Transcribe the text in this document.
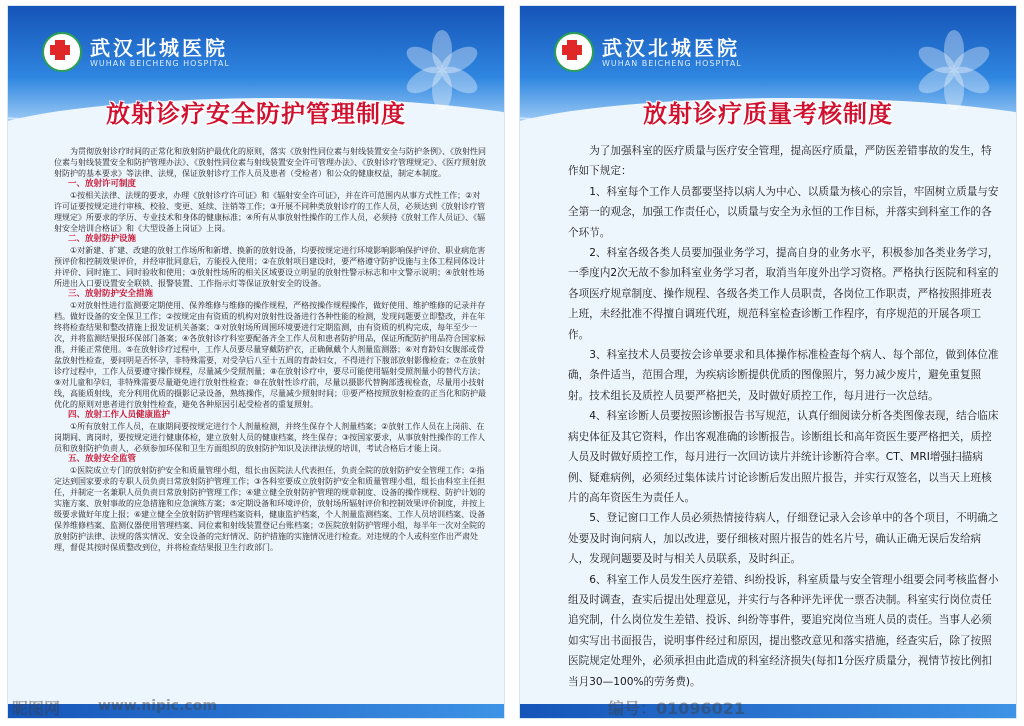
武汉北城医院
WUHAN BEICHENG HOSPITAL
放射诊疗安全防护管理制度

为贯彻放射诊疗时间的正常化和放射防护最优化的原则，落实《放射性同位素与射线装置安全与防护条例》、《放射性同位素与射线装置安全和防护管理办法》、《放射性同位素与射线装置安全许可管理办法》、《放射诊疗管理规定》、《医疗照射放射防护的基本要求》等法律、法规，保证放射诊疗工作人员及患者（受检者）和公众的健康权益，制定本制度。

一、放射许可制度

①按相关法律、法规的要求，办理《放射诊疗许可证》和《辐射安全许可证》，并在许可范围内从事方式性工作；②对许可证要按规定进行审核、校验、变更、延续、注销等工作；③开展不同种类放射诊疗的工作人员，必须达到《放射诊疗管理规定》所要求的学历、专业技术和身体的健康标准；④所有从事放射性操作的工作人员，必须持《放射工作人员证》、《辐射安全培训合格证》和《大型设备上岗证》上岗。

二、放射防护设施

①对新建、扩建、改建的放射工作场所和新增、换新的放射设备，均要按规定进行环境影响影响保护评价、职业病危害预评价和控制效果评价，并经审批同意后，方能投入使用；②在放射项目建设时，要严格遵守防护设施与主体工程同体设计并评价、同时施工、同时验收和使用；③放射性场所的相关区域要设立明显的放射性警示标志和中文警示说明；④放射性场所进出入口要设置安全联锁、报警装置、工作指示灯等保证放射安全的设备。

三、放射防护安全措施

①对放射性进行监测要定期使用、保养维修与维修的操作规程，严格按操作规程操作，做好使用、维护维修的记录并存档。做好设备的安全保卫工作；②按规定由有资质的机构对放射性设备进行各种性能的检测，发现问题要立即整改，并在年终将检查结果和整改措施上报发证机关备案；③对放射场所周围环境要进行定期监测，由有资质的机构完成，每年至少一次，并将监测结果报环保部门备案；④各放射诊疗科室要配备齐全工作人员和患者防护用品，保证所配防护用品符合国家标准，并能正常使用。⑤在放射诊疗过程中，工作人员要尽量穿戴防护衣，正确佩戴个人剂量监测器；⑥对育龄妇女腹部或骨盆放射性检查，要问明是否怀孕，非特殊需要，对受孕后八至十五周的育龄妇女，不得进行下腹部放射影像检查；⑦在放射诊疗过程中，工作人员要遵守操作规程，尽量减少受照剂量；⑧在放射诊疗中，要尽可能使用辐射受照剂量小的替代方法；⑨对儿童和孕妇，非特殊需要尽量避免进行放射性检查；⑩在放射性诊疗前，尽量以摄影代替胸部透视检查，尽量用小技射线，高能质射线，充分利用优质的摄影记录设备，熟练操作，尽量减少照射时间；⑪要严格按照放射检查的正当化和防护最优化的原则对患者进行放射性检查，避免各种原因引起受检者的重复照射。

四、放射工作人员健康监护

①所有放射工作人员，在康期间要按规定进行个人剂量检测，并终生保存个人剂量档案；②放射工作人员在上岗前、在岗期间、离岗时，要按规定进行健康体检，建立放射人员的健康档案，终生保存；③按国家要求，从事放射性操作的工作人员和放射防护负责人，必须参加环保和卫生方面组织的放射防护知识及法律法规的培训，考试合格后才能上岗。

五、放射安全监管

①医院成立专门的放射防护安全和质量管理小组，组长由医院法人代表担任，负责全院的放射防护安全管理工作；②指定达到国家要求的专职人员负责日常放射防护管理工作；③各科室要成立放射防护安全和质量管理小组，组长由科室主任担任，并制定一名兼职人员负责日常放射防护管理工作；④建立健全放射防护管理的规章制度、设备的操作规程、防护计划的实施方案、放射事故的应急措施和应急演练方案；⑤定期设备和环境评价，放射场所辐射评价和控制效果评价制度，并按上级要求做好年度上报；⑥建立健全全放射防护管理档案资料，健康监护档案，个人剂量监测档案、工作人员培训档案、设备保养维修档案、监测仪器使用管理档案、同位素和射线装置登记台账档案；⑦医院放射防护管理小组，每半年一次对全院的放射防护法律、法规的落实情况、安全设备的完好情况、防护措施的实施情况进行检查。对违规的个人或科室作出严肃处理，督促其按时保质整改到位，并将检查结果报卫生行政部门。

武汉北城医院
WUHAN BEICHENG HOSPITAL
放射诊疗质量考核制度

为了加强科室的医疗质量与医疗安全管理，提高医疗质量，严防医差错事故的发生，特作如下规定：

1、科室每个工作人员都要坚持以病人为中心、以质量为核心的宗旨，牢固树立质量与安全第一的观念，加强工作责任心，以质量与安全为永恒的工作目标，并落实到科室工作的各个环节。

2、科室各级各类人员要加强业务学习，提高自身的业务水平，积极参加各类业务学习，一季度内2次无故不参加科室业务学习者，取消当年度外出学习资格。严格执行医院和科室的各项医疗规章制度、操作规程、各级各类工作人员职责，各岗位工作职责，严格按照排班表上班，未经批准不得擅自调班代班，规范科室检查诊断工作程序，有序规范的开展各项工作。

3、科室技术人员要按会诊单要求和具体操作标准检查每个病人、每个部位，做到体位准确，条件适当，范围合理，为疾病诊断提供优质的图像照片，努力减少废片，避免重复照射。技术组长及质控人员要严格把关，及时做好质控工作，每月进行一次总结。

4、科室诊断人员要按照诊断报告书写规范，认真仔细阅读分析各类图像表现，结合临床病史体征及其它资料，作出客观准确的诊断报告。诊断组长和高年资医生要严格把关，质控人员及时做好质控工作，每月进行一次回访读片并统计诊断符合率。CT、MRI增强扫描病例、疑难病例，必须经过集体读片讨论诊断后发出照片报告，并实行双签名，以当天上班核片的高年资医生为责任人。

5、登记窗口工作人员必须热情接待病人，仔细登记录入会诊单中的各个项目，不明确之处要及时询问病人，加以改进，要仔细核对照片报告的姓名片号，确认正确无误后发给病人，发现问题要及时与相关人员联系，及时纠正。

6、科室工作人员发生医疗差错、纠纷投诉，科室质量与安全管理小组要会同考核监督小组及时调查，查实后提出处理意见，并实行与各种评先评优一票否决制。科室实行岗位责任追究制，什么岗位发生差错、投诉、纠纷等事件，要追究岗位当班人员的责任。当事人必须如实写出书面报告，说明事件经过和原因，提出整改意见和落实措施，经查实后，除了按照医院规定处理外，必须承担由此造成的科室经济损失(每扣1分医疗质量分，视情节按比例扣当月30—100%的劳务费)。

昵图网	www.nipic.com	编号：01096021
